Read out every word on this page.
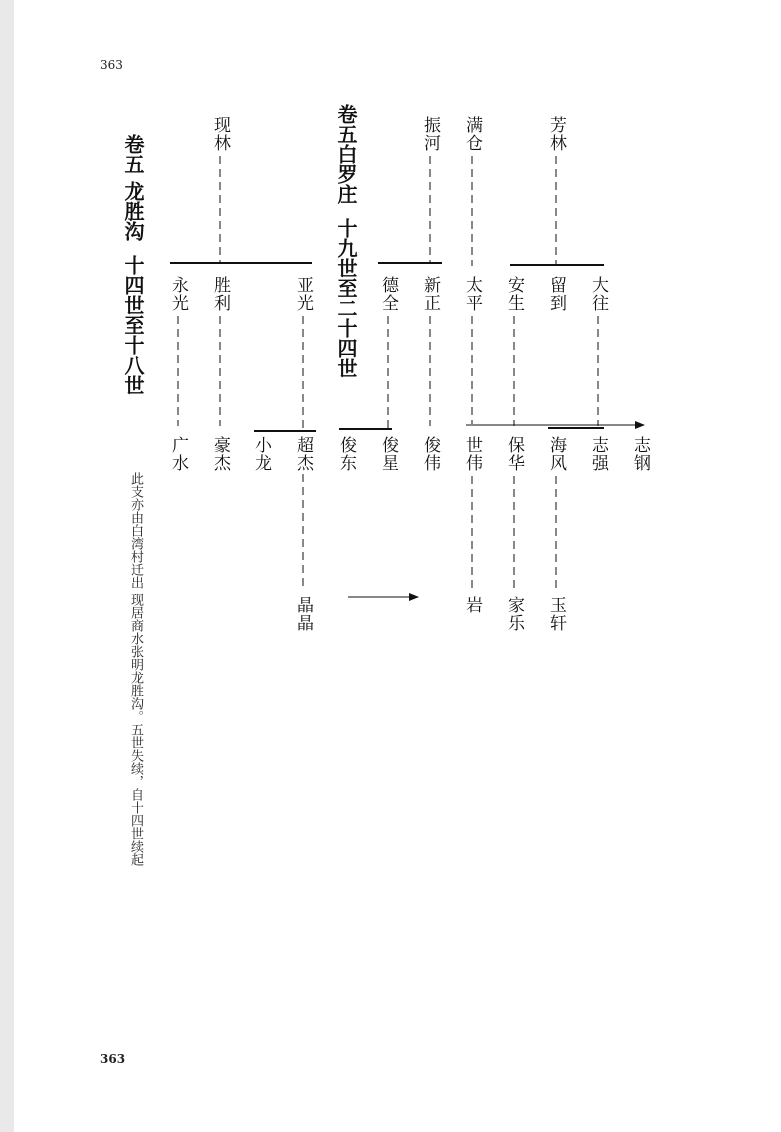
363
363
卷五 龙胜沟  十四世至十八世	卷五白罗庄  十九世至二十四世
此支亦由白湾村迁出 现居商水张明龙胜沟。五世失续，自十四世续起
现林	振河 满仓	芳林
永光 胜利	亚光	德全 新正 太平 安生 留到 大往
广水 豪杰 小龙 超杰 俊东 俊星 俊伟 世伟 保华 海风 志强 志钢
晶晶	岩 家乐 玉轩
